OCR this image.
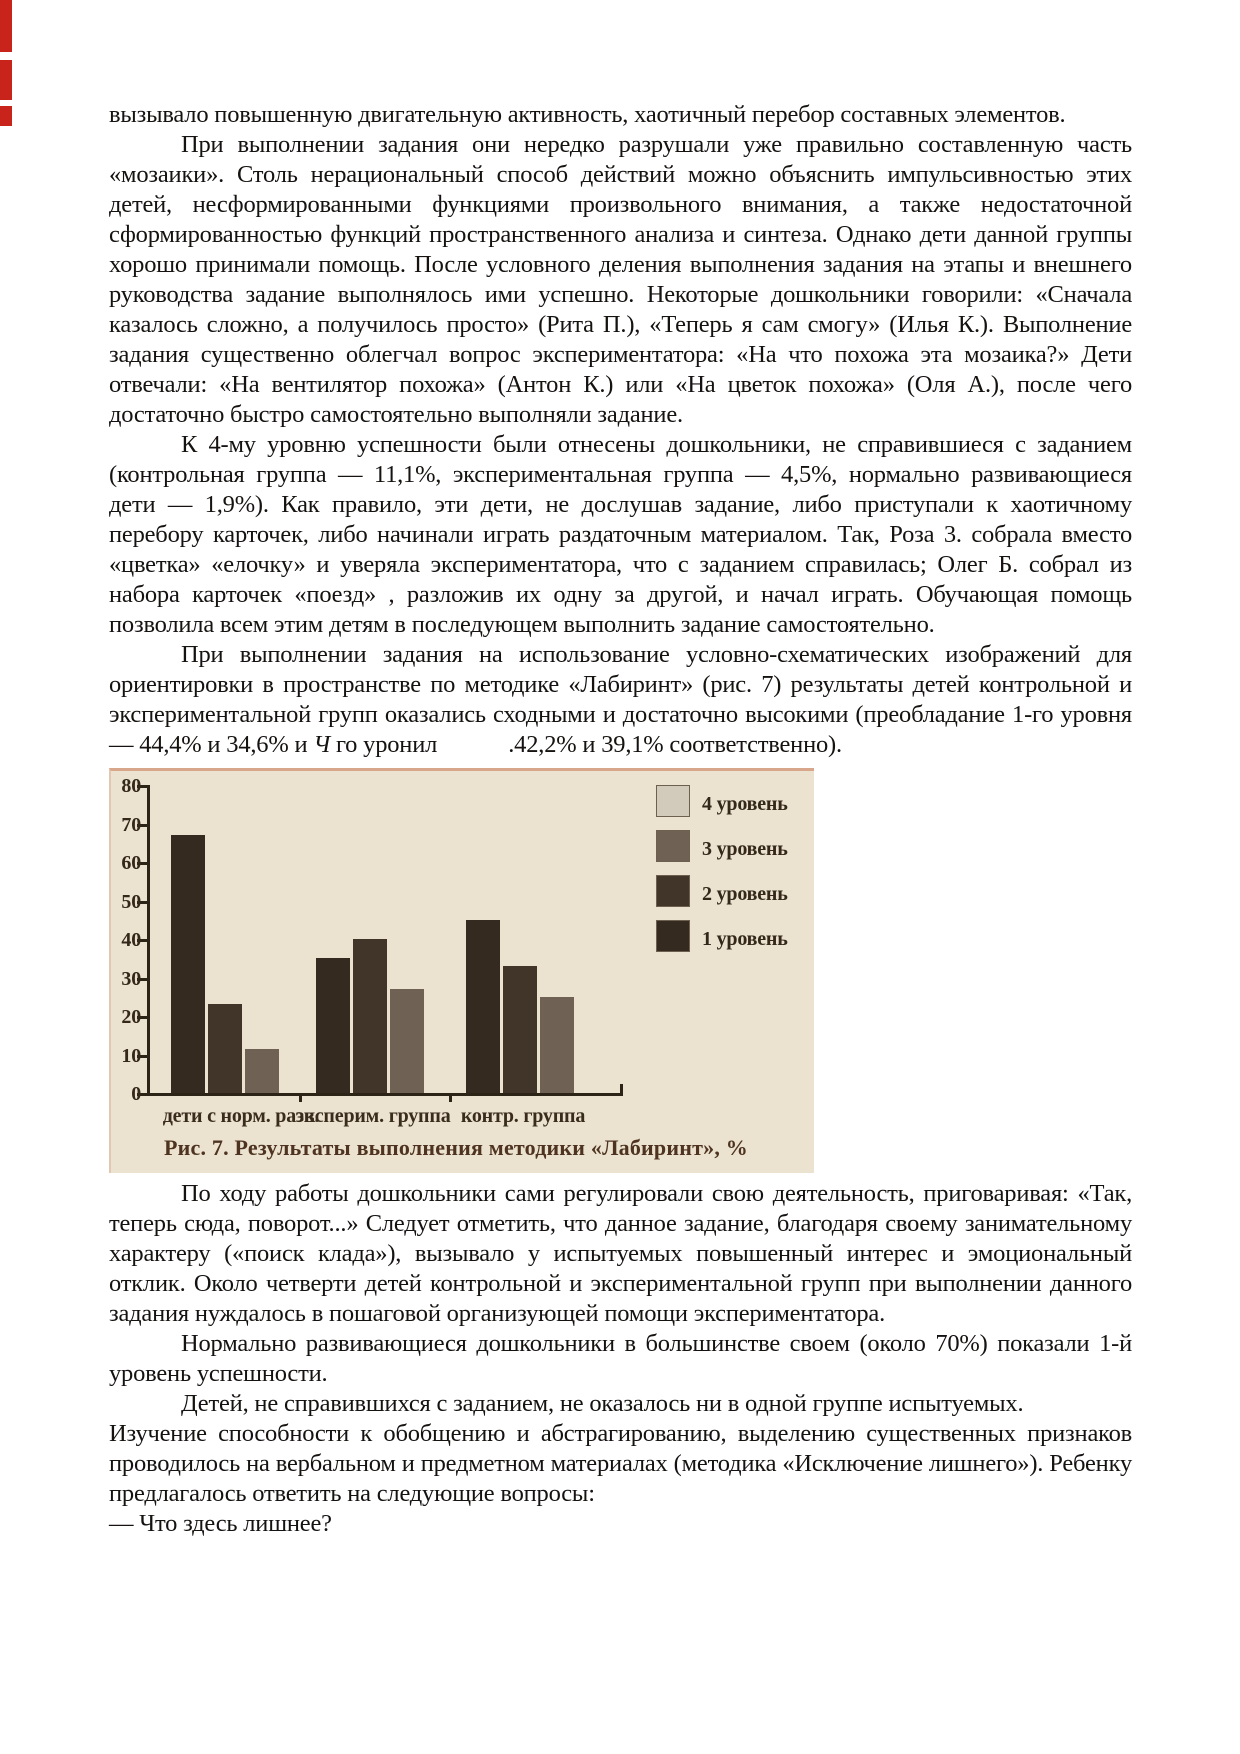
вызывало повышенную двигательную активность, хаотичный перебор составных элементов.

При выполнении задания они нередко разрушали уже правильно составленную часть «мозаики». Столь нерациональный способ действий можно объяснить импульсивностью этих детей, несформированными функциями произвольного внимания, а также недостаточной сформированностью функций пространственного анализа и синтеза. Однако дети данной группы хорошо принимали помощь. После условного деления выполнения задания на этапы и внешнего руководства задание выполнялось ими успешно. Некоторые дошкольники говорили: «Сначала казалось сложно, а получилось просто» (Рита П.), «Теперь я сам смогу» (Илья К.). Выполнение задания существенно облегчал вопрос экспериментатора: «На что похожа эта мозаика?» Дети отвечали: «На вентилятор похожа» (Антон К.) или «На цветок похожа» (Оля А.), после чего достаточно быстро самостоятельно выполняли задание.

К 4-му уровню успешности были отнесены дошкольники, не справившиеся с заданием (контрольная группа — 11,1%, экспериментальная группа — 4,5%, нормально развивающиеся дети — 1,9%). Как правило, эти дети, не дослушав задание, либо приступали к хаотичному перебору карточек, либо начинали играть раздаточным материалом. Так, Роза 3. собрала вместо «цветка» «елочку» и уверяла экспериментатора, что с заданием справилась; Олег Б. собрал из набора карточек «поезд» , разложив их одну за другой, и начал играть. Обучающая помощь позволила всем этим детям в последующем выполнить задание самостоятельно.

При выполнении задания на использование условно-схематических изображений для ориентировки в пространстве по методике «Лабиринт» (рис. 7) результаты детей контрольной и экспериментальной групп оказались сходными и достаточно высокими (преобладание 1-го уровня — 44,4% и 34,6% и Ч го уронил            .42,2% и 39,1% соответственно).

0
10
20
30
40
50
60
70
80
дети с норм. разв.
эксперим. группа контр. группа
4 уровень
3 уровень
2 уровень
1 уровень
Рис. 7. Результаты выполнения методики «Лабиринт», %

По ходу работы дошкольники сами регулировали свою деятельность, приговаривая: «Так, теперь сюда, поворот...» Следует отметить, что данное задание, благодаря своему занимательному характеру («поиск клада»), вызывало у испытуемых повышенный интерес и эмоциональный отклик. Около четверти детей контрольной и экспериментальной групп при выполнении данного задания нуждалось в пошаговой организующей помощи экспериментатора.

Нормально развивающиеся дошкольники в большинстве своем (около 70%) показали 1-й уровень успешности.

Детей, не справившихся с заданием, не оказалось ни в одной группе испытуемых.

Изучение способности к обобщению и абстрагированию, выделению существенных признаков проводилось на вербальном и предметном материалах (методика «Исключение лишнего»). Ребенку предлагалось ответить на следующие вопросы:

— Что здесь лишнее?
